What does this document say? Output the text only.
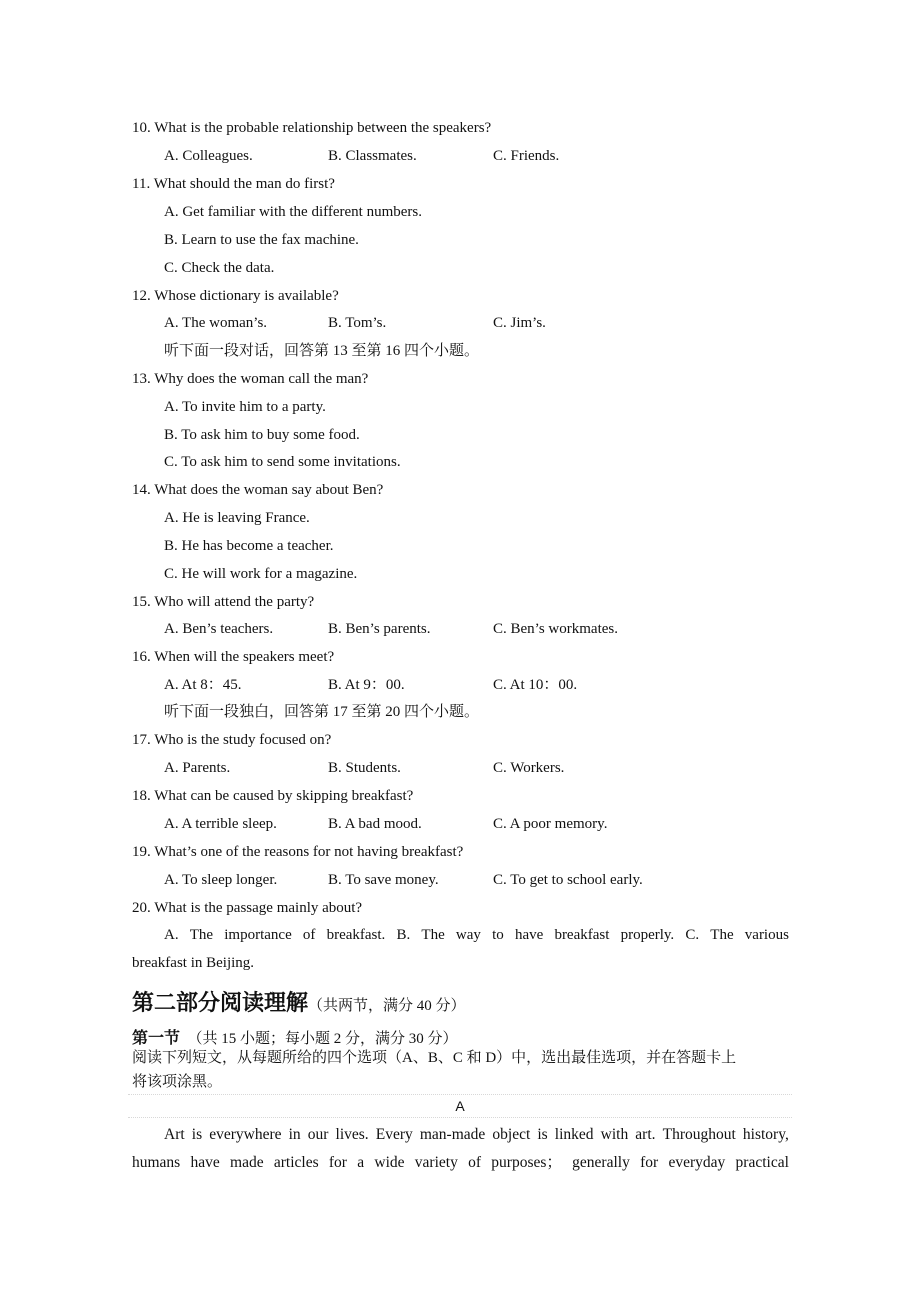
10. What is the probable relationship between the speakers?
A. Colleagues.	B. Classmates.	C. Friends.
11. What should the man do first?
A. Get familiar with the different numbers.
B. Learn to use the fax machine.
C. Check the data.
12. Whose dictionary is available?
A. The woman’s.	B. Tom’s.	C. Jim’s.
听下面一段对话，回答第 13 至第 16 四个小题。
13. Why does the woman call the man?
A. To invite him to a party.
B. To ask him to buy some food.
C. To ask him to send some invitations.
14. What does the woman say about Ben?
A. He is leaving France.
B. He has become a teacher.
C. He will work for a magazine.
15. Who will attend the party?
A. Ben’s teachers.	B. Ben’s parents.	C. Ben’s workmates.
16. When will the speakers meet?
A. At 8：45.	B. At 9：00.	C. At 10：00.
听下面一段独白，回答第 17 至第 20 四个小题。
17. Who is the study focused on?
A. Parents.	B. Students.	C. Workers.
18. What can be caused by skipping breakfast?
A. A terrible sleep.	B. A bad mood.	C. A poor memory.
19. What’s one of the reasons for not having breakfast?
A. To sleep longer.	B. To save money.	C. To get to school early.
20. What is the passage mainly about?
A. The importance of breakfast. B. The way to have breakfast properly. C. The various
breakfast in Beijing.
第二部分阅读理解（共两节，满分 40 分）
第一节 （共 15 小题；每小题 2 分，满分 30 分）
阅读下列短文，从每题所给的四个选项（A、B、C 和 D）中，选出最佳选项，并在答题卡上
将该项涂黑。
A
Art is everywhere in our lives. Every man-made object is linked with art. Throughout history,
humans have made articles for a wide variety of purposes； generally for everyday practical
